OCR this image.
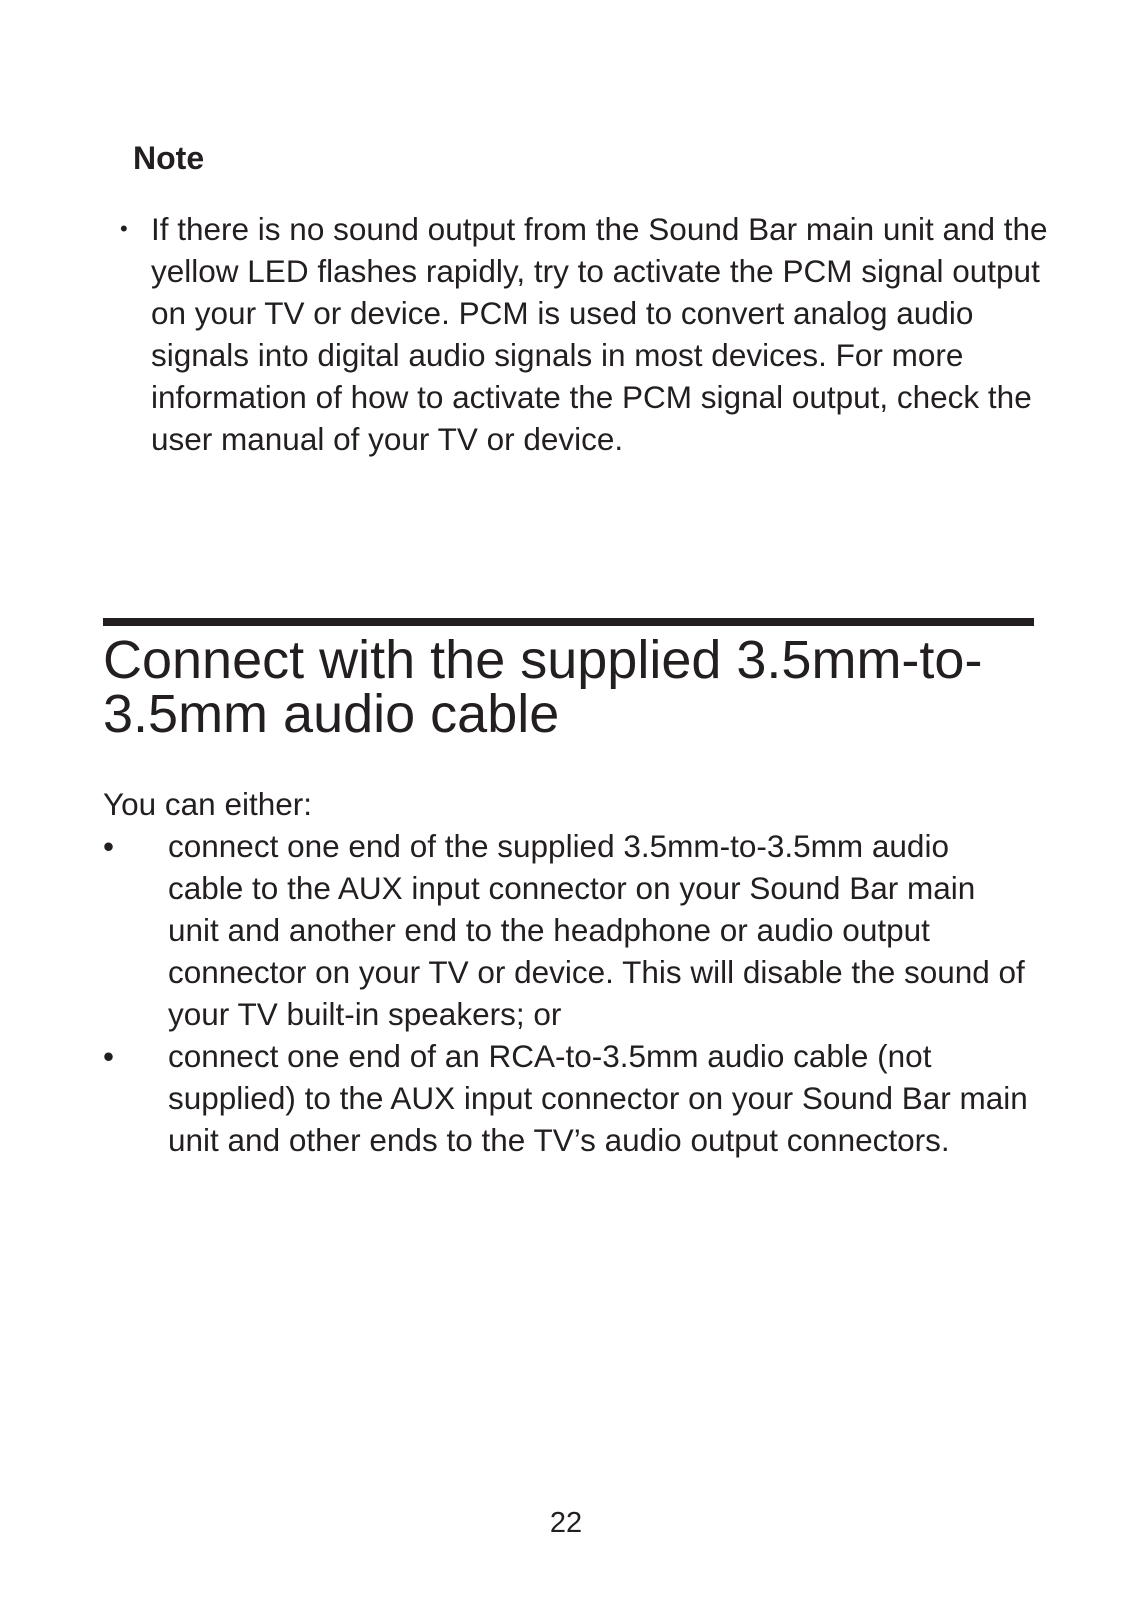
Note
• If there is no sound output from the Sound Bar main unit and the yellow LED flashes rapidly, try to activate the PCM signal output on your TV or device. PCM is used to convert analog audio signals into digital audio signals in most devices. For more information of how to activate the PCM signal output, check the user manual of your TV or device.

Connect with the supplied 3.5mm-to-3.5mm audio cable

You can either:

• connect one end of the supplied 3.5mm-to-3.5mm audio cable to the AUX input connector on your Sound Bar main unit and another end to the headphone or audio output connector on your TV or device. This will disable the sound of your TV built-in speakers; or
• connect one end of an RCA-to-3.5mm audio cable (not supplied) to the AUX input connector on your Sound Bar main unit and other ends to the TV’s audio output connectors.
22
